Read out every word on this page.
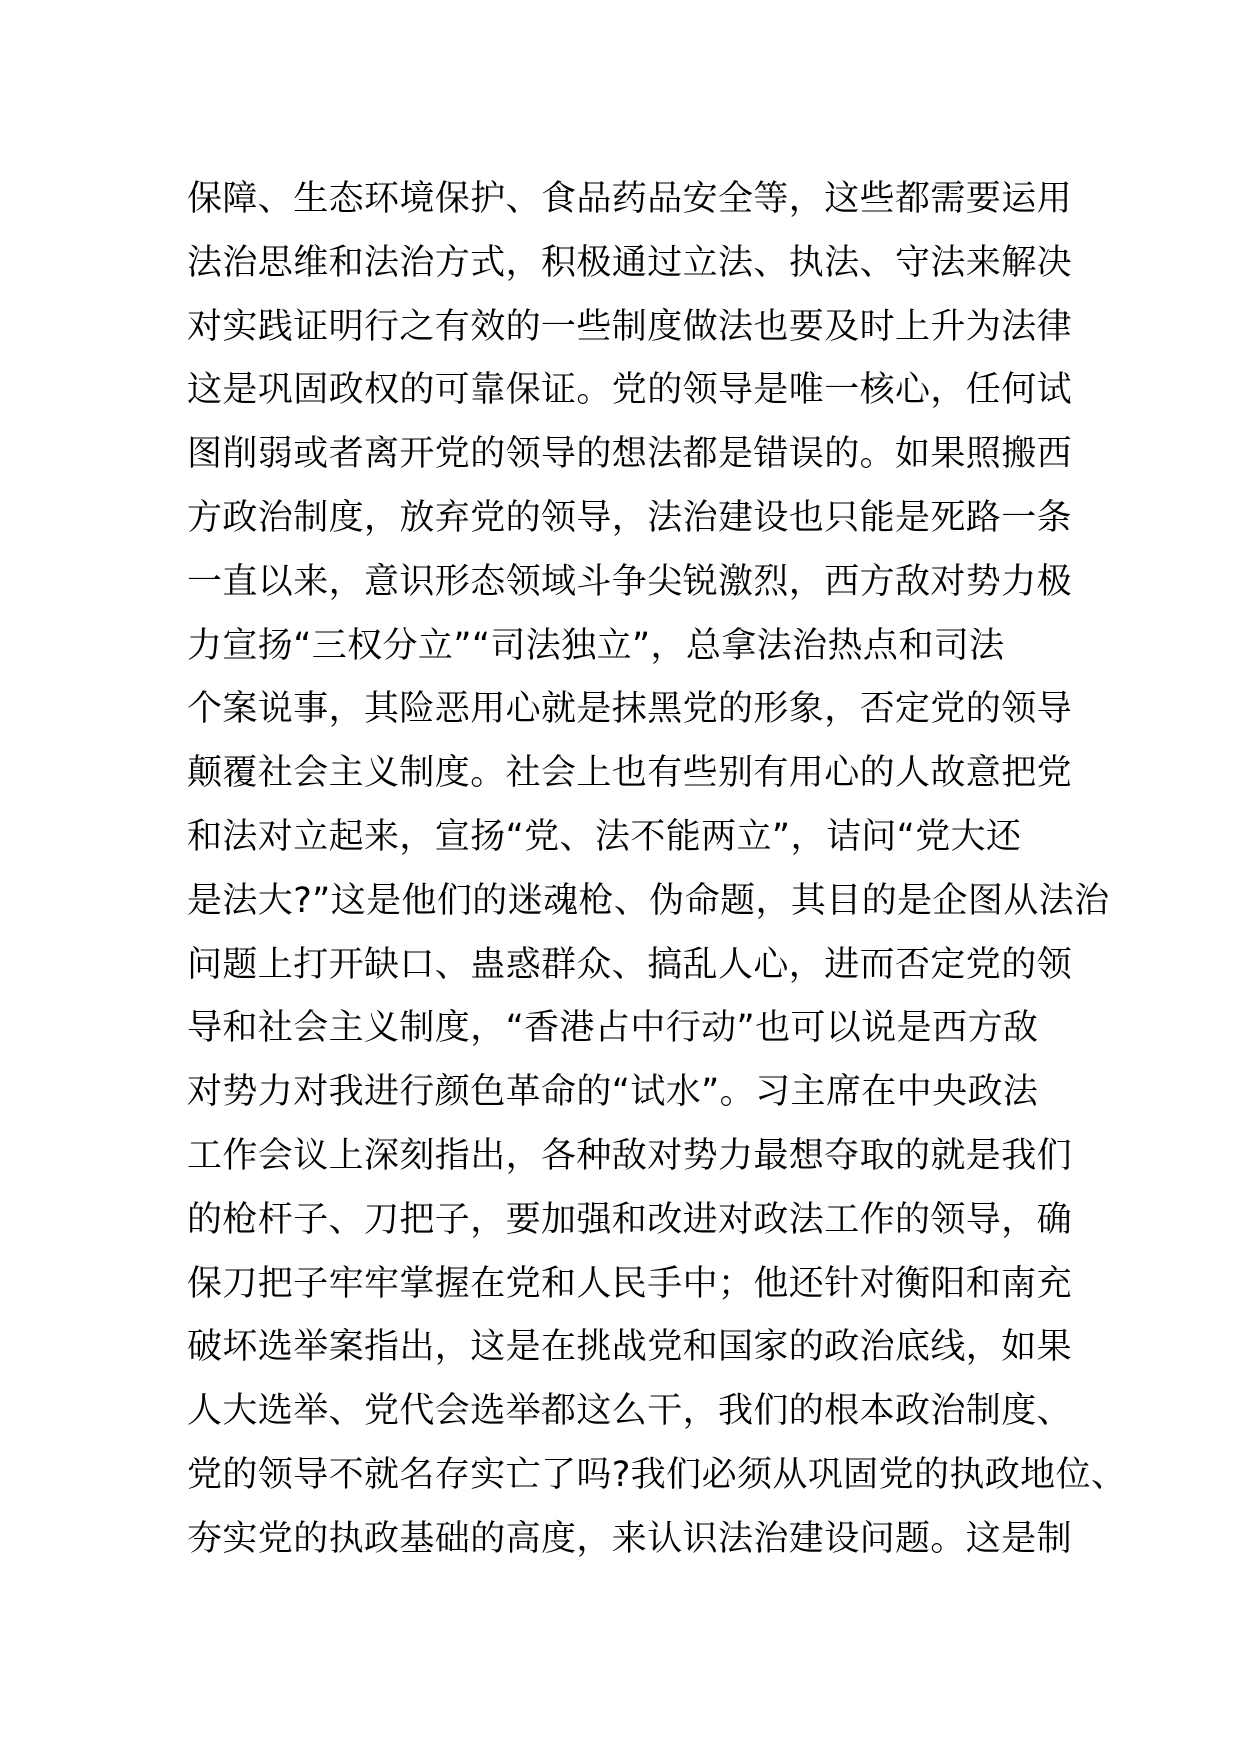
保障、生态环境保护、食品药品安全等，这些都需要运用
法治思维和法治方式，积极通过立法、执法、守法来解决
对实践证明行之有效的一些制度做法也要及时上升为法律
这是巩固政权的可靠保证。党的领导是唯一核心，任何试
图削弱或者离开党的领导的想法都是错误的。如果照搬西
方政治制度，放弃党的领导，法治建设也只能是死路一条
一直以来，意识形态领域斗争尖锐激烈，西方敌对势力极
力宣扬“三权分立”“司法独立”，总拿法治热点和司法
个案说事，其险恶用心就是抹黑党的形象，否定党的领导
颠覆社会主义制度。社会上也有些别有用心的人故意把党
和法对立起来，宣扬“党、法不能两立”，诘问“党大还
是法大?”这是他们的迷魂枪、伪命题，其目的是企图从法治
问题上打开缺口、蛊惑群众、搞乱人心，进而否定党的领
导和社会主义制度，“香港占中行动”也可以说是西方敌
对势力对我进行颜色革命的“试水”。习主席在中央政法
工作会议上深刻指出，各种敌对势力最想夺取的就是我们
的枪杆子、刀把子，要加强和改进对政法工作的领导，确
保刀把子牢牢掌握在党和人民手中；他还针对衡阳和南充
破坏选举案指出，这是在挑战党和国家的政治底线，如果
人大选举、党代会选举都这么干，我们的根本政治制度、
党的领导不就名存实亡了吗?我们必须从巩固党的执政地位、
夯实党的执政基础的高度，来认识法治建设问题。这是制
